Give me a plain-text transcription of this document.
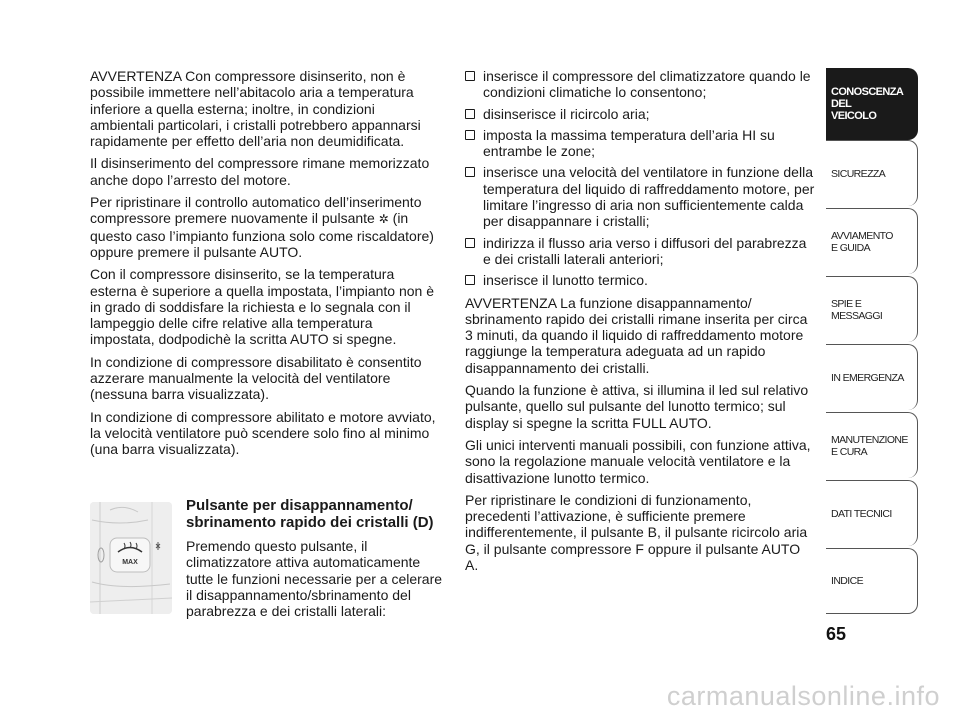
AVVERTENZA Con compressore disinserito, non è possibile immettere nell’abitacolo aria a temperatura inferiore a quella esterna; inoltre, in condizioni ambientali particolari, i cristalli potrebbero appannarsi rapidamente per effetto dell’aria non deumidificata.

Il disinserimento del compressore rimane memorizzato anche dopo l’arresto del motore.

Per ripristinare il controllo automatico dell’inserimento compressore premere nuovamente il pulsante ✲ (in questo caso l’impianto funziona solo come riscaldatore) oppure premere il pulsante AUTO.

Con il compressore disinserito, se la temperatura esterna è superiore a quella impostata, l’impianto non è in grado di soddisfare la richiesta e lo segnala con il lampeggio delle cifre relative alla temperatura impostata, dodpodichè la scritta AUTO si spegne.

In condizione di compressore disabilitato è consentito azzerare manualmente la velocità del ventilatore (nessuna barra visualizzata).

In condizione di compressore abilitato e motore avviato, la velocità ventilatore può scendere solo fino al minimo (una barra visualizzata).

MAX
Pulsante per disappannamento/ sbrinamento rapido dei cristalli (D)

Premendo questo pulsante, il climatizzatore attiva automaticamente tutte le funzioni necessarie per a celerare il disappannamento/sbrinamento del parabrezza e dei cristalli laterali:

inserisce il compressore del climatizzatore quando le condizioni climatiche lo consentono;
disinserisce il ricircolo aria;
imposta la massima temperatura dell’aria HI su entrambe le zone;
inserisce una velocità del ventilatore in funzione della temperatura del liquido di raffreddamento motore, per limitare l’ingresso di aria non sufficientemente calda per disappannare i cristalli;
indirizza il flusso aria verso i diffusori del parabrezza e dei cristalli laterali anteriori;
inserisce il lunotto termico.

AVVERTENZA La funzione disappannamento/ sbrinamento rapido dei cristalli rimane inserita per circa 3 minuti, da quando il liquido di raffreddamento motore raggiunge la temperatura adeguata ad un rapido disappannamento dei cristalli.

Quando la funzione è attiva, si illumina il led sul relativo pulsante, quello sul pulsante del lunotto termico; sul display si spegne la scritta FULL AUTO.

Gli unici interventi manuali possibili, con funzione attiva, sono la regolazione manuale velocità ventilatore e la disattivazione lunotto termico.

Per ripristinare le condizioni di funzionamento, precedenti l’attivazione, è sufficiente premere indifferentemente, il pulsante B, il pulsante ricircolo aria G, il pulsante compressore F oppure il pulsante AUTO A.

CONOSCENZA
DEL
VEICOLO
SICUREZZA
AVVIAMENTO
E GUIDA
SPIE E
MESSAGGI
IN EMERGENZA
MANUTENZIONE
E CURA
DATI TECNICI
INDICE
65
carmanualsonline.info
